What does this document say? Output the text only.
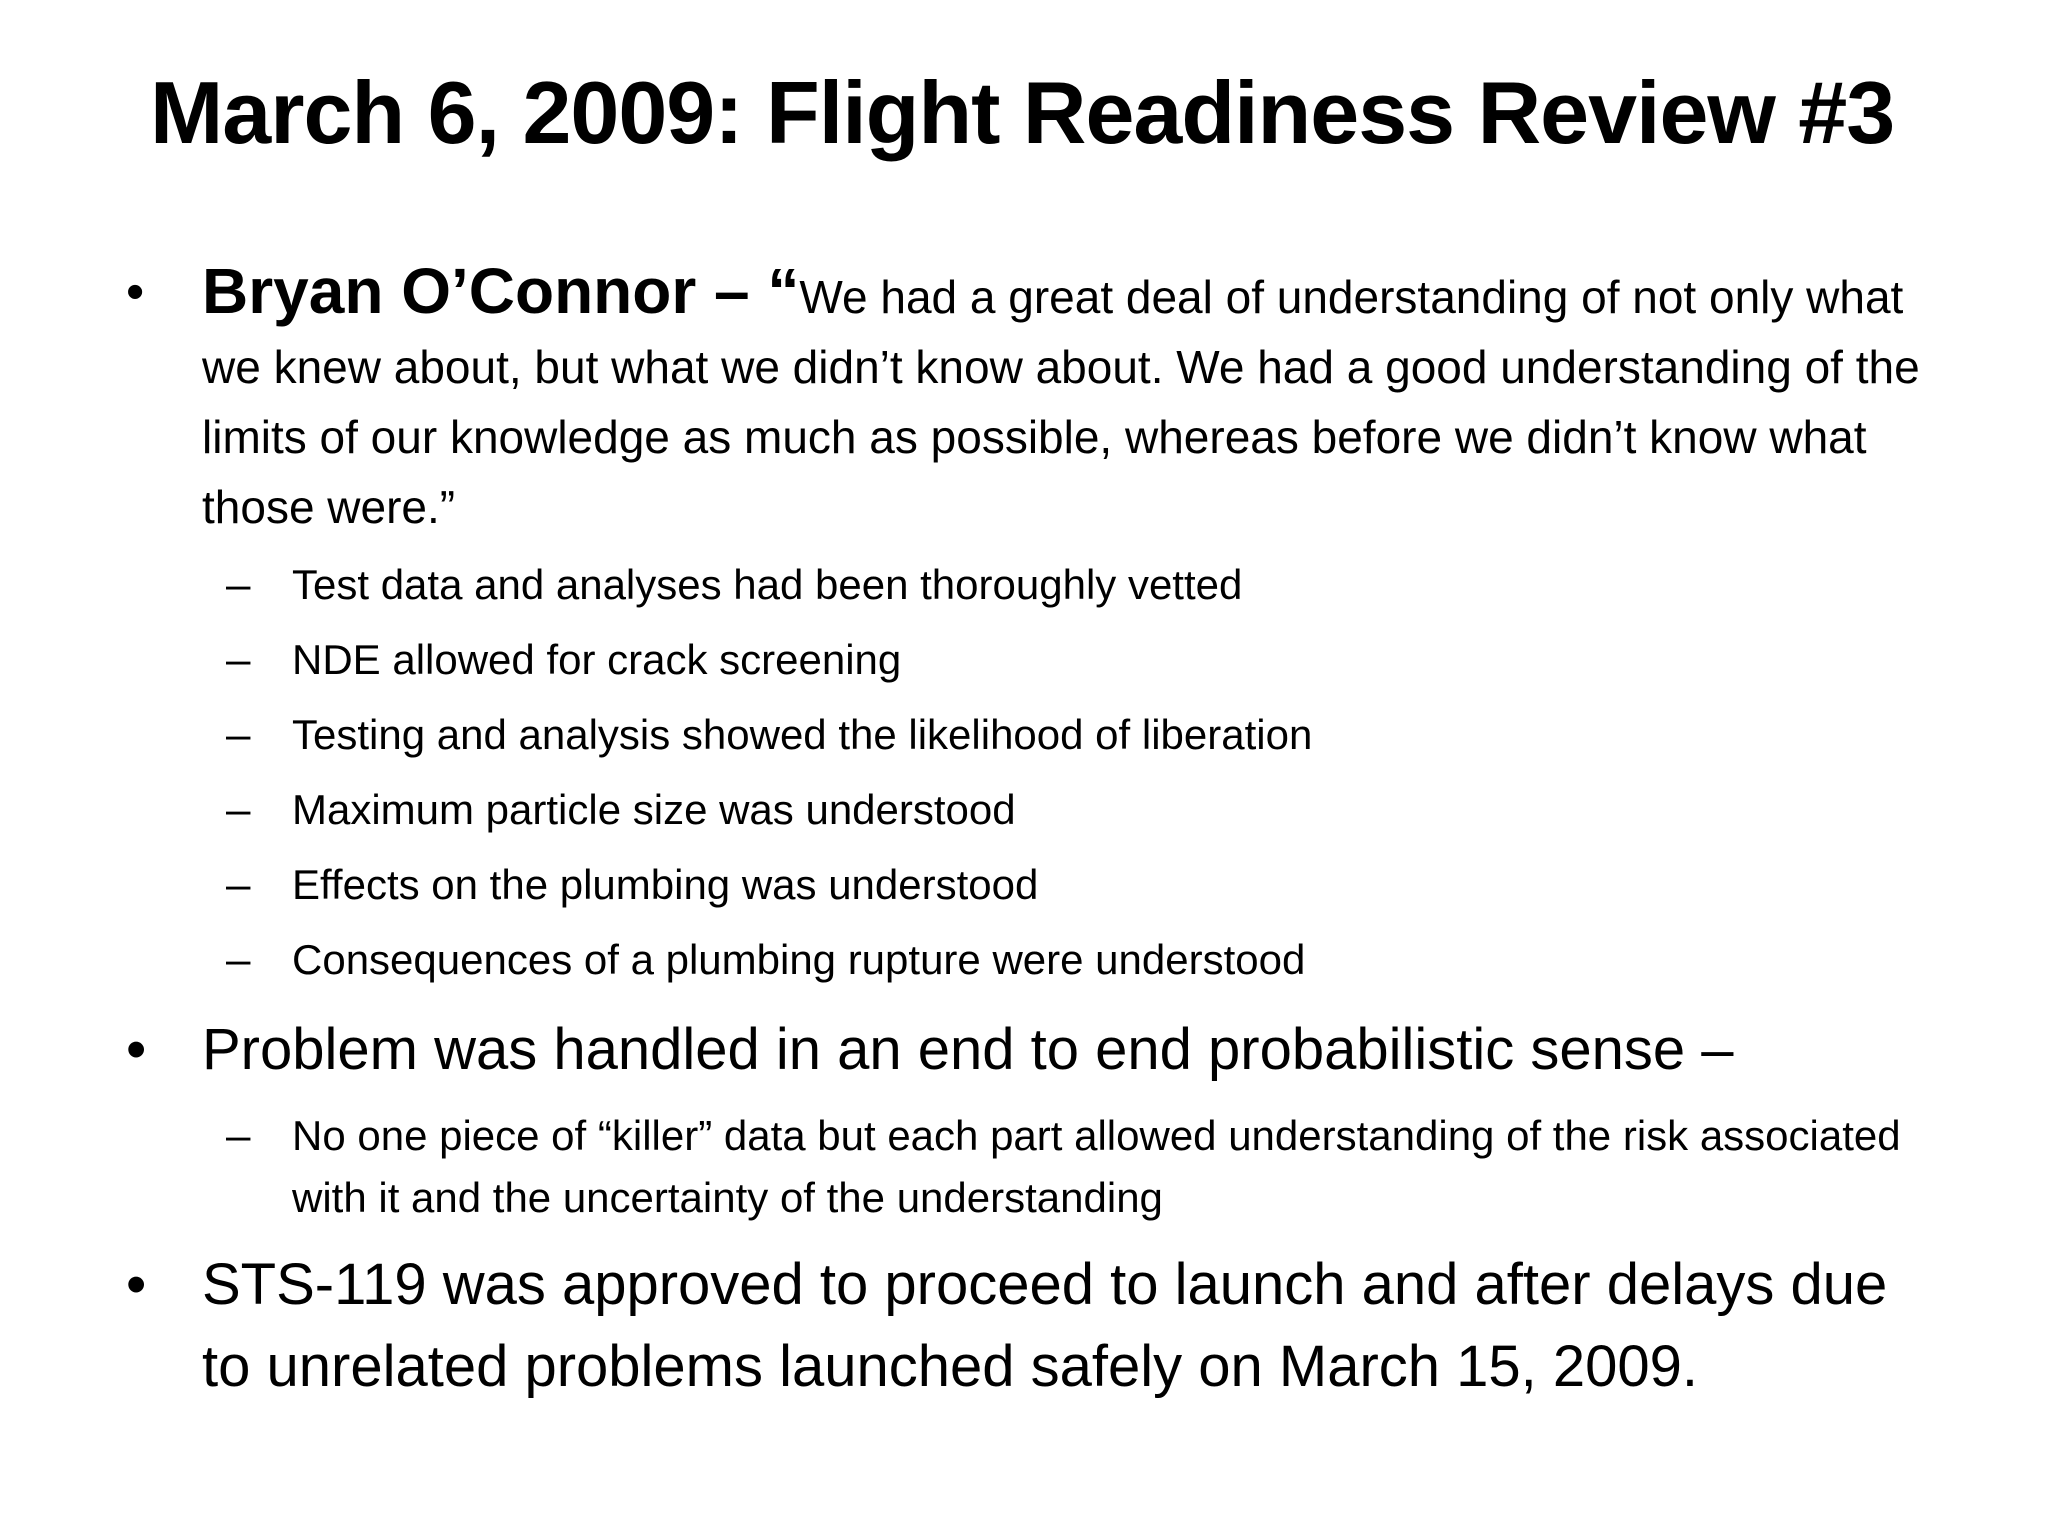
March 6, 2009: Flight Readiness Review #3
• Bryan O’Connor – “We had a great deal of understanding of not only what we knew about, but what we didn’t know about. We had a good understanding of the limits of our knowledge as much as possible, whereas before we didn’t know what those were.”
– Test data and analyses had been thoroughly vetted
– NDE allowed for crack screening
– Testing and analysis showed the likelihood of liberation
– Maximum particle size was understood
– Effects on the plumbing was understood
– Consequences of a plumbing rupture were understood
• Problem was handled in an end to end probabilistic sense –
– No one piece of “killer” data but each part allowed understanding of the risk associated with it and the uncertainty of the understanding
• STS-119 was approved to proceed to launch and after delays due to unrelated problems launched safely on March 15, 2009.
